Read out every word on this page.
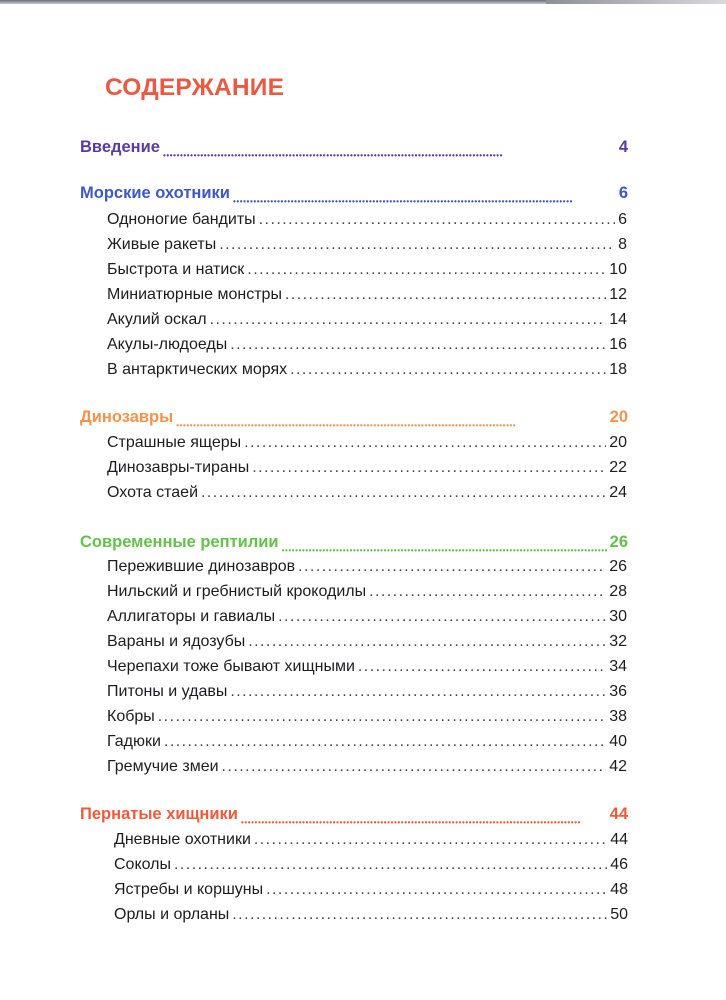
СОДЕРЖАНИЕ
Введение •••••	4
Морские охотники •••••	6
Одноногие бандиты . . .	6
Живые ракеты . . .	8
Быстрота и натиск . . .	10
Миниатюрные монстры . . .	12
Акулий оскал . . .	14
Акулы-людоеды . . .	16
В антарктических морях . . .	18
Динозавры •••••	20
Страшные ящеры . . .	20
Динозавры-тираны . . .	22
Охота стаей . . .	24
Современные рептилии •••••	26
Пережившие динозавров . . .	26
Нильский и гребнистый крокодилы . . .	28
Аллигаторы и гавиалы . . .	30
Вараны и ядозубы . . .	32
Черепахи тоже бывают хищными . . .	34
Питоны и удавы . . .	36
Кобры . . .	38
Гадюки . . .	40
Гремучие змеи . . .	42
Пернатые хищники •••••	44
Дневные охотники . . .	44
Соколы . . .	46
Ястребы и коршуны . . .	48
Орлы и орланы . . .	50
